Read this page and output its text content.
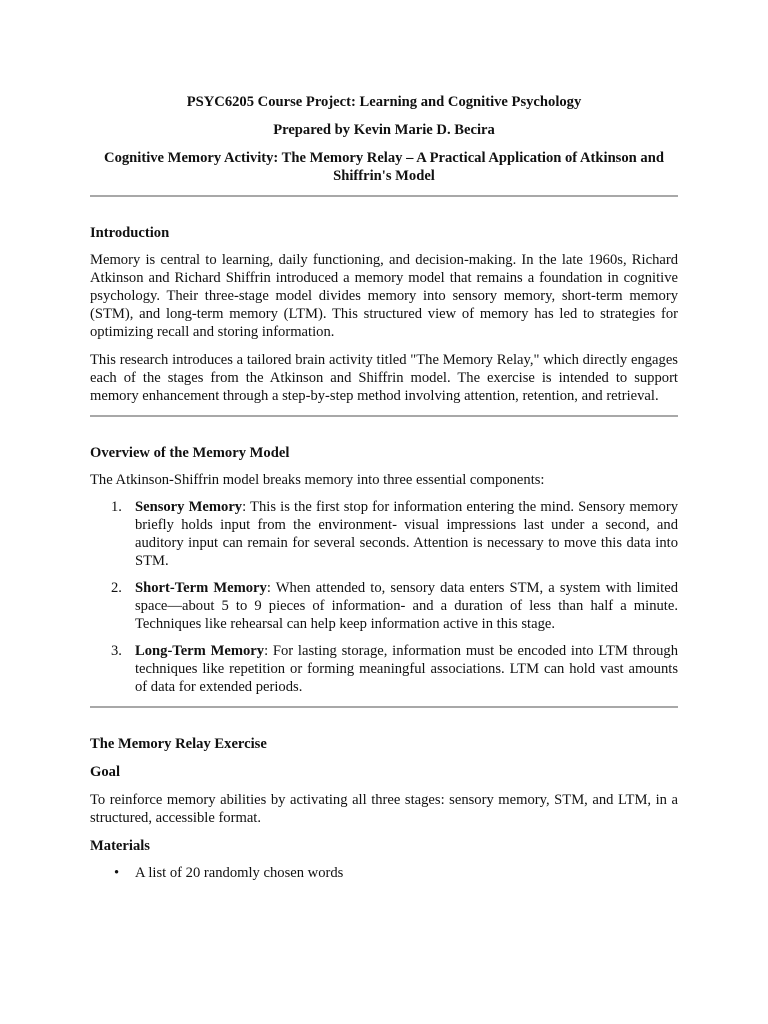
PSYC6205 Course Project: Learning and Cognitive Psychology

Prepared by Kevin Marie D. Becira

Cognitive Memory Activity: The Memory Relay – A Practical Application of Atkinson and Shiffrin's Model

Introduction

Memory is central to learning, daily functioning, and decision-making. In the late 1960s, Richard Atkinson and Richard Shiffrin introduced a memory model that remains a foundation in cognitive psychology. Their three-stage model divides memory into sensory memory, short-term memory (STM), and long-term memory (LTM). This structured view of memory has led to strategies for optimizing recall and storing information.

This research introduces a tailored brain activity titled "The Memory Relay," which directly engages each of the stages from the Atkinson and Shiffrin model. The exercise is intended to support memory enhancement through a step-by-step method involving attention, retention, and retrieval.

Overview of the Memory Model

The Atkinson-Shiffrin model breaks memory into three essential components:

1. Sensory Memory: This is the first stop for information entering the mind. Sensory memory briefly holds input from the environment- visual impressions last under a second, and auditory input can remain for several seconds. Attention is necessary to move this data into STM.
2. Short-Term Memory: When attended to, sensory data enters STM, a system with limited space—about 5 to 9 pieces of information- and a duration of less than half a minute. Techniques like rehearsal can help keep information active in this stage.
3. Long-Term Memory: For lasting storage, information must be encoded into LTM through techniques like repetition or forming meaningful associations. LTM can hold vast amounts of data for extended periods.
The Memory Relay Exercise
Goal

To reinforce memory abilities by activating all three stages: sensory memory, STM, and LTM, in a structured, accessible format.

Materials
• A list of 20 randomly chosen words
